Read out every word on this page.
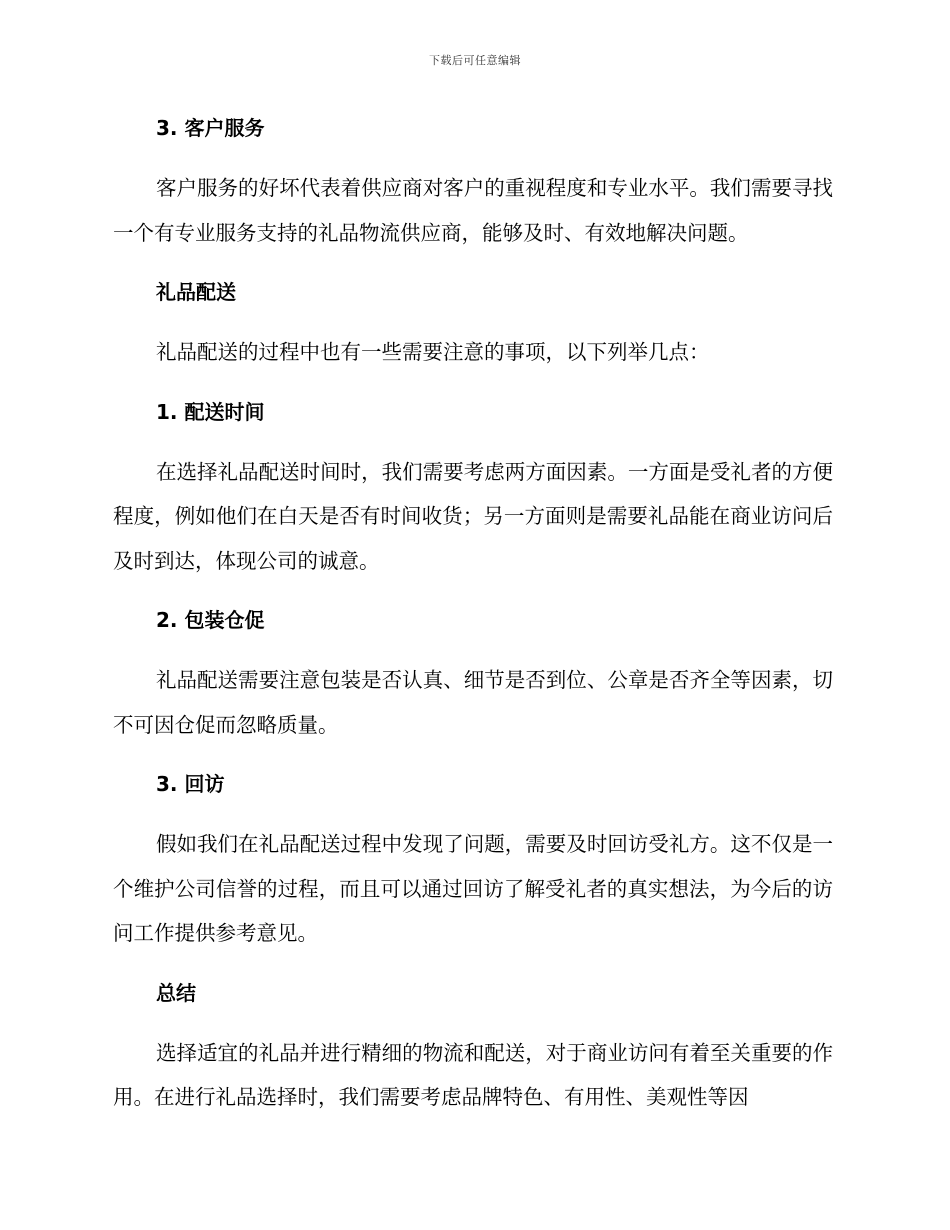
下载后可任意编辑
3. 客户服务

客户服务的好坏代表着供应商对客户的重视程度和专业水平。我们需要寻找一个有专业服务支持的礼品物流供应商，能够及时、有效地解决问题。

礼品配送

礼品配送的过程中也有一些需要注意的事项，以下列举几点：

1. 配送时间

在选择礼品配送时间时，我们需要考虑两方面因素。一方面是受礼者的方便程度，例如他们在白天是否有时间收货；另一方面则是需要礼品能在商业访问后及时到达，体现公司的诚意。

2. 包装仓促

礼品配送需要注意包装是否认真、细节是否到位、公章是否齐全等因素，切不可因仓促而忽略质量。

3. 回访

假如我们在礼品配送过程中发现了问题，需要及时回访受礼方。这不仅是一个维护公司信誉的过程，而且可以通过回访了解受礼者的真实想法，为今后的访问工作提供参考意见。

总结

选择适宜的礼品并进行精细的物流和配送，对于商业访问有着至关重要的作用。在进行礼品选择时，我们需要考虑品牌特色、有用性、美观性等因
